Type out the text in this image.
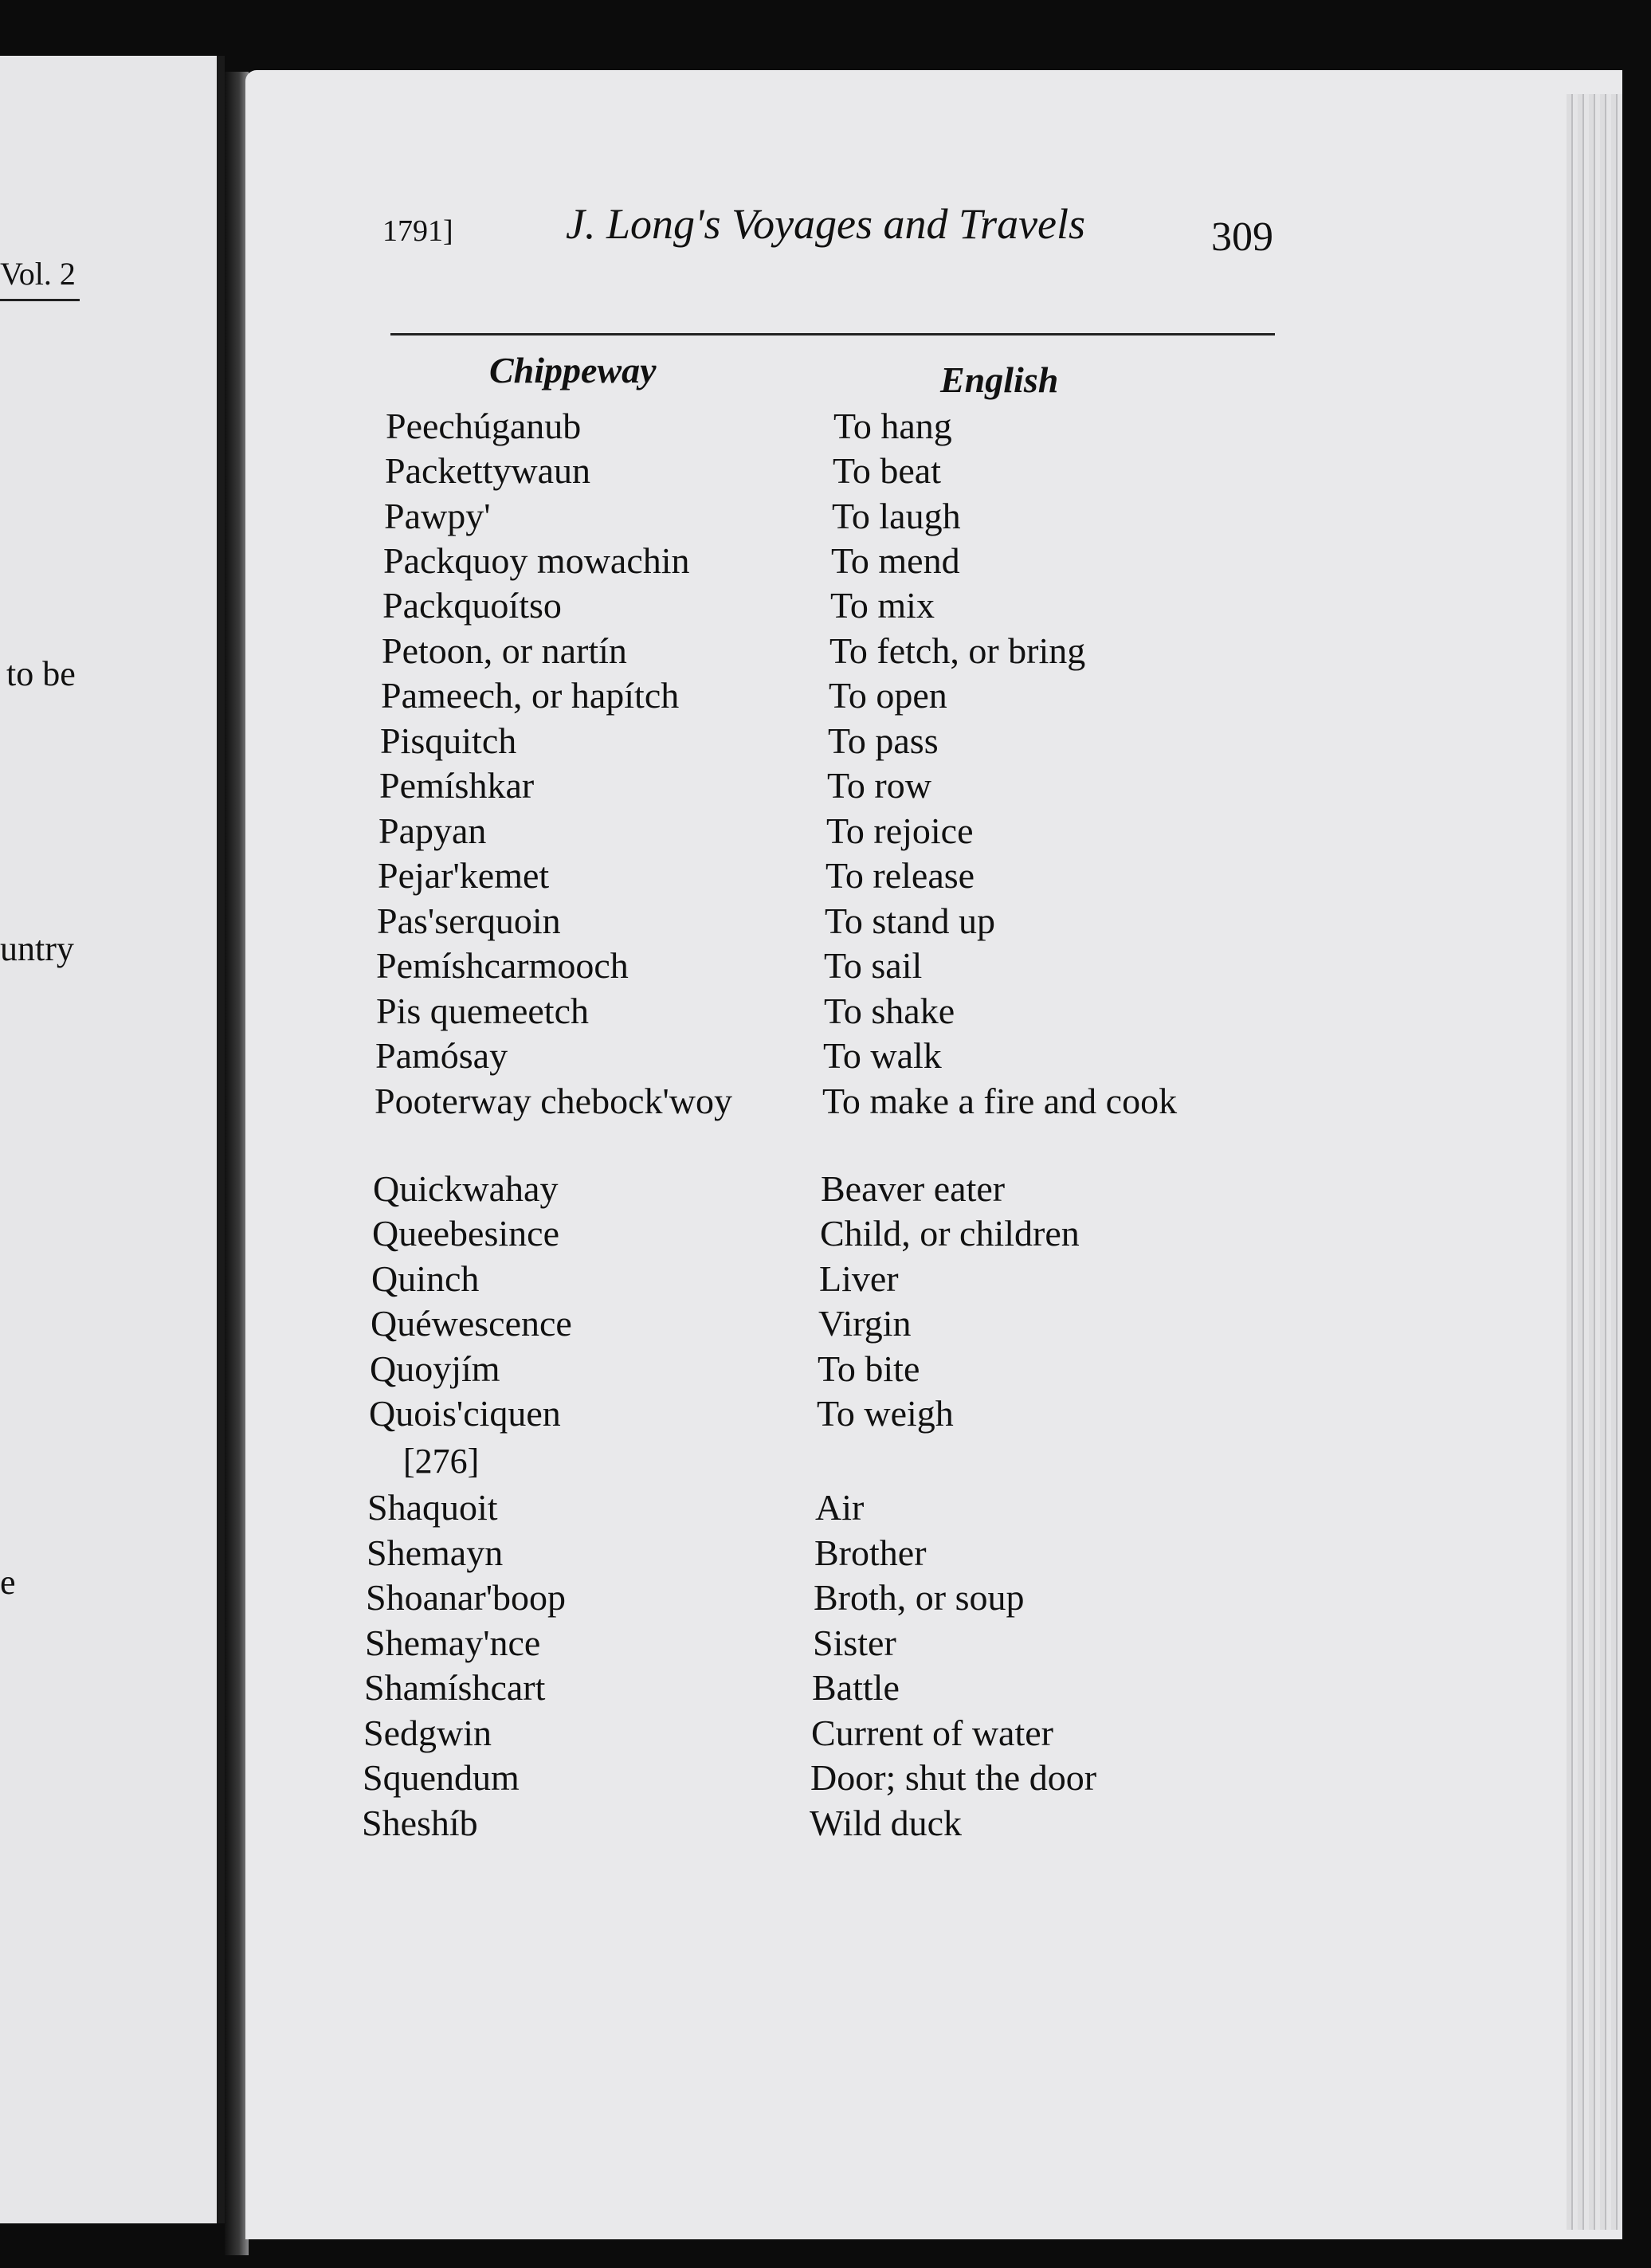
Vol. 2
to be
untry
e
1791]	J. Long's Voyages and Travels	309
Chippeway	English
Peechúganub	To hang
Packettywaun	To beat
Pawpy'	To laugh
Packquoy mowachin	To mend
Packquoítso	To mix
Petoon, or nartín	To fetch, or bring
Pameech, or hapítch	To open
Pisquitch	To pass
Pemíshkar	To row
Papyan	To rejoice
Pejar'kemet	To release
Pas'serquoin	To stand up
Pemíshcarmooch	To sail
Pis quemeetch	To shake
Pamósay	To walk
Pooterway chebock'woy To make a fire and cook
Quickwahay	Beaver eater
Queebesince	Child, or children
Quinch	Liver
Quéwescence	Virgin
Quoyjím	To bite
Quois'ciquen	To weigh
Shaquoit	Air
Shemayn	Brother
Shoanar'boop	Broth, or soup
Shemay'nce	Sister
Shamíshcart	Battle
Sedgwin	Current of water
Squendum	Door; shut the door
Sheshíb	Wild duck
[276]
